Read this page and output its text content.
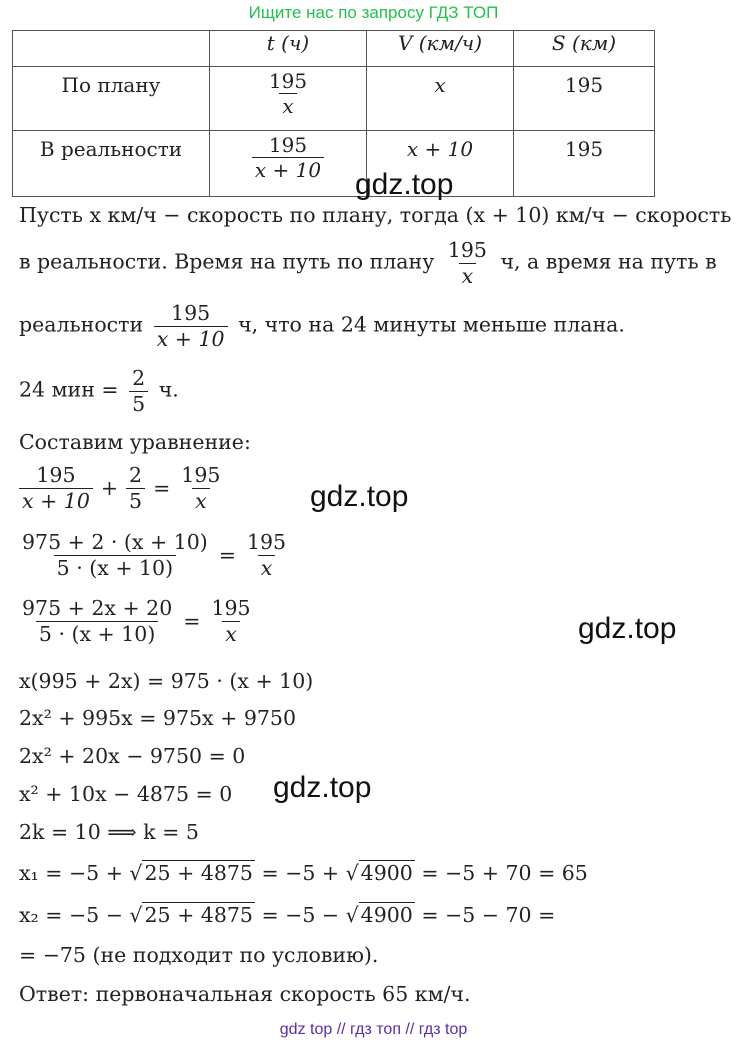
Ищите нас по запросу ГДЗ ТОП
	t (ч)	V (км/ч)	S (км)
По плану	$\frac{195}{x}$	x	195
В реальности	$\frac{195}{x + 10}$	x + 10	195
gdz.top
gdz.top
gdz.top
gdz.top
Пусть x км/ч − скорость по плану, тогда (x + 10) км/ч − скорость
в реальности. Время на путь по плану $\frac{195}{x} ч$, а время на путь в
реальности $\frac{195}{x + 10} ч$, что на 24 минуты меньше плана.
24 мин = $\frac{2}{5} ч$.
Составим уравнение:
$\frac{195}{x + 10} + \frac{2}{5} = \frac{195}{x}$
$\frac{975 + 2 \cdot (x + 10)}{5 \cdot (x + 10)} = \frac{195}{x}$
$\frac{975 + 2x + 20}{5 \cdot (x + 10)} = \frac{195}{x}$
x(995 + 2x) = 975 · (x + 10)
2x² + 995x = 975x + 9750
2x² + 20x − 9750 = 0
x² + 10x − 4875 = 0
2k = 10 ⟹ k = 5
x₁ = −5 + √25 + 4875 = −5 + √4900 = −5 + 70 = 65
x₂ = −5 − √25 + 4875 = −5 − √4900 = −5 − 70 =
= −75 (не подходит по условию).
Ответ: первоначальная скорость 65 км/ч.
gdz top // гдз топ // гдз top
